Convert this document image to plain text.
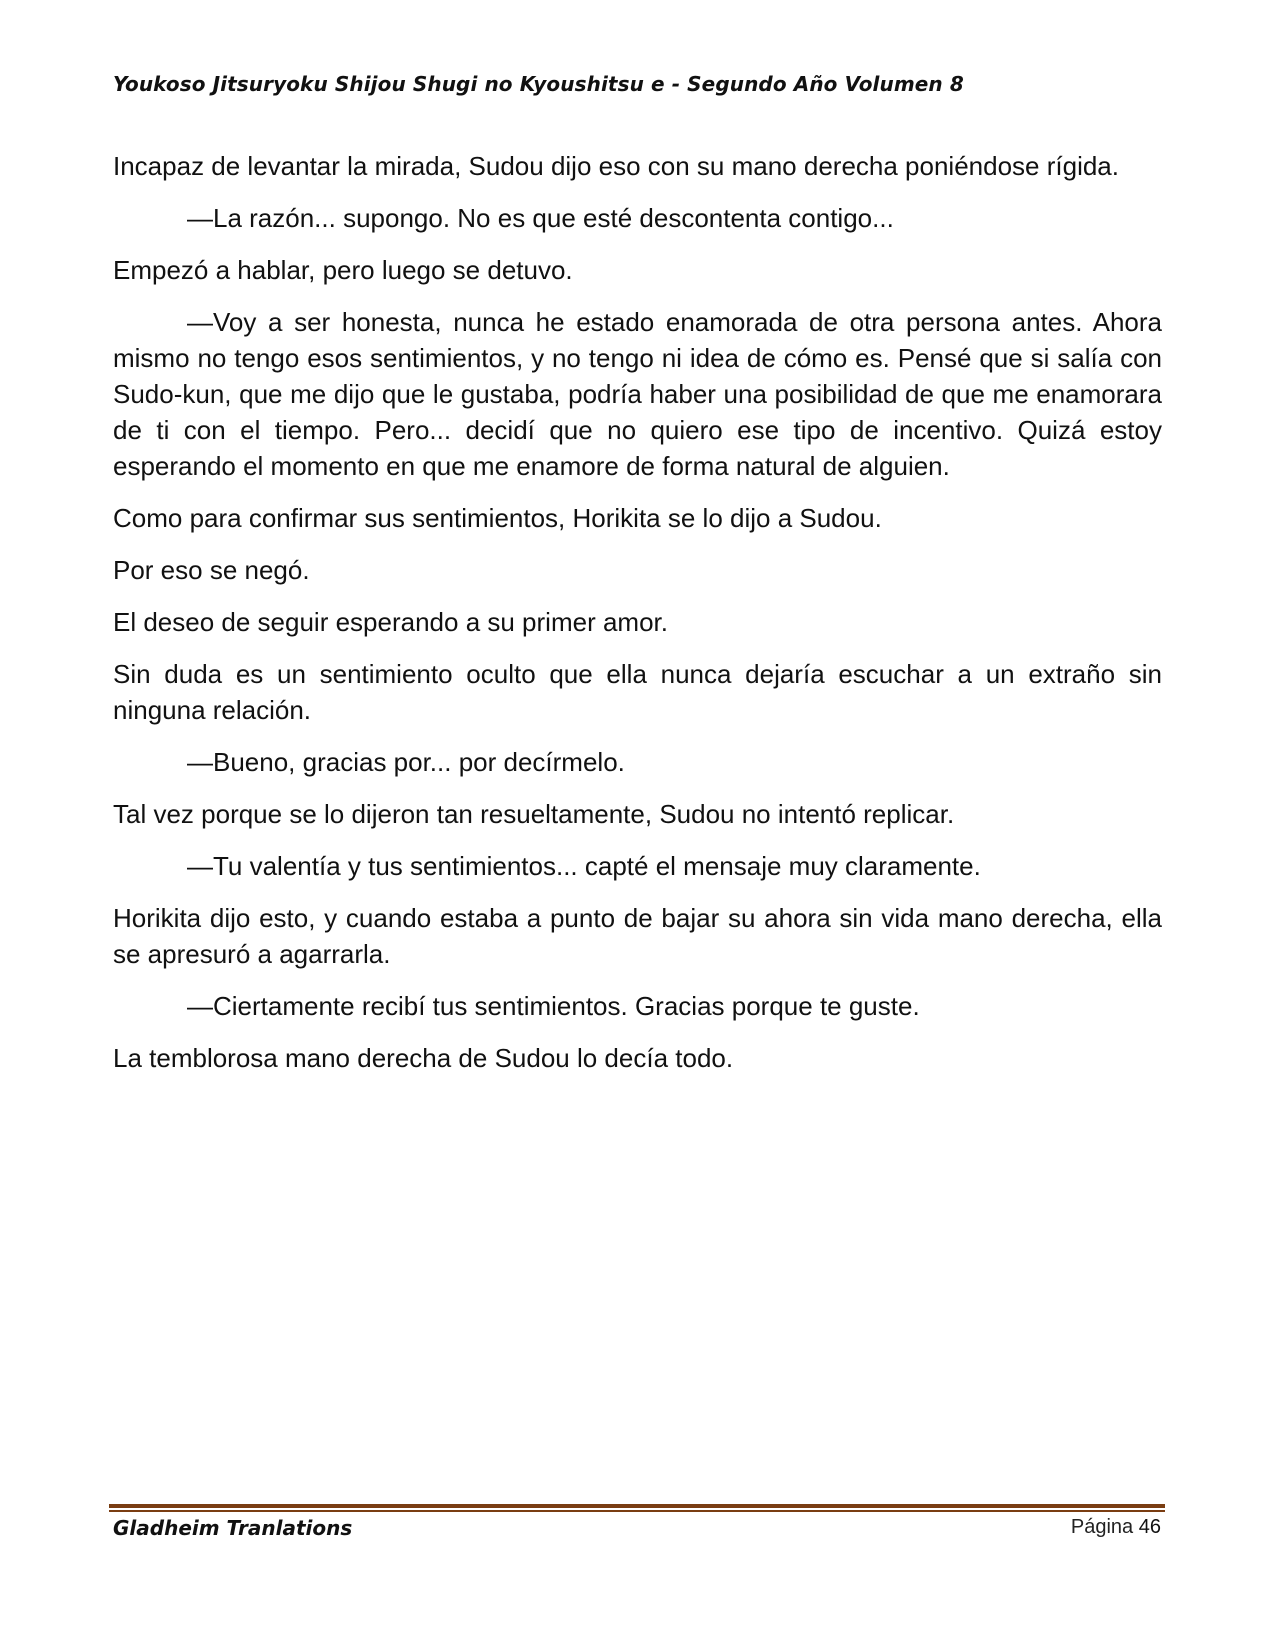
Youkoso Jitsuryoku Shijou Shugi no Kyoushitsu e - Segundo Año Volumen 8

Incapaz de levantar la mirada, Sudou dijo eso con su mano derecha poniéndose rígida.

—La razón... supongo. No es que esté descontenta contigo...

Empezó a hablar, pero luego se detuvo.

—Voy a ser honesta, nunca he estado enamorada de otra persona antes. Ahora mismo no tengo esos sentimientos, y no tengo ni idea de cómo es. Pensé que si salía con Sudo-kun, que me dijo que le gustaba, podría haber una posibilidad de que me enamorara de ti con el tiempo. Pero... decidí que no quiero ese tipo de incentivo. Quizá estoy esperando el momento en que me enamore de forma natural de alguien.

Como para confirmar sus sentimientos, Horikita se lo dijo a Sudou.

Por eso se negó.

El deseo de seguir esperando a su primer amor.

Sin duda es un sentimiento oculto que ella nunca dejaría escuchar a un extraño sin ninguna relación.

—Bueno, gracias por... por decírmelo.

Tal vez porque se lo dijeron tan resueltamente, Sudou no intentó replicar.

—Tu valentía y tus sentimientos... capté el mensaje muy claramente.

Horikita dijo esto, y cuando estaba a punto de bajar su ahora sin vida mano derecha, ella se apresuró a agarrarla.

—Ciertamente recibí tus sentimientos. Gracias porque te guste.

La temblorosa mano derecha de Sudou lo decía todo.

Gladheim Tranlations	Página 46
